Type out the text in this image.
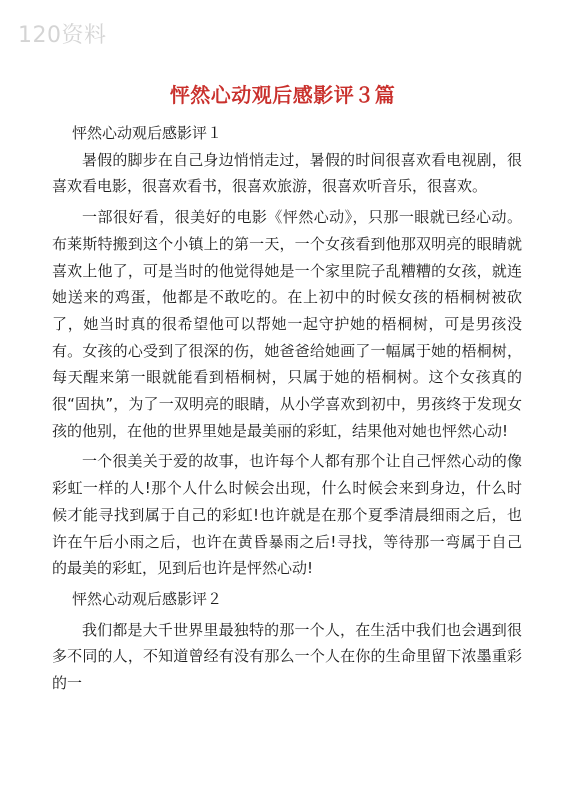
120资料
怦然心动观后感影评３篇

怦然心动观后感影评１

暑假的脚步在自己身边悄悄走过，暑假的时间很喜欢看电视剧，很喜欢看电影，很喜欢看书，很喜欢旅游，很喜欢听音乐，很喜欢。

一部很好看，很美好的电影《怦然心动》，只那一眼就已经心动。布莱斯特搬到这个小镇上的第一天，一个女孩看到他那双明亮的眼睛就喜欢上他了，可是当时的他觉得她是一个家里院子乱糟糟的女孩，就连她送来的鸡蛋，他都是不敢吃的。在上初中的时候女孩的梧桐树被砍了，她当时真的很希望他可以帮她一起守护她的梧桐树，可是男孩没有。女孩的心受到了很深的伤，她爸爸给她画了一幅属于她的梧桐树，每天醒来第一眼就能看到梧桐树，只属于她的梧桐树。这个女孩真的很“固执”，为了一双明亮的眼睛，从小学喜欢到初中，男孩终于发现女孩的他别，在他的世界里她是最美丽的彩虹，结果他对她也怦然心动!

一个很美关于爱的故事，也许每个人都有那个让自己怦然心动的像彩虹一样的人!那个人什么时候会出现，什么时候会来到身边，什么时候才能寻找到属于自己的彩虹!也许就是在那个夏季清晨细雨之后，也许在午后小雨之后，也许在黄昏暴雨之后!寻找，等待那一弯属于自己的最美的彩虹，见到后也许是怦然心动!

怦然心动观后感影评２

我们都是大千世界里最独特的那一个人，在生活中我们也会遇到很多不同的人，不知道曾经有没有那么一个人在你的生命里留下浓墨重彩的一
